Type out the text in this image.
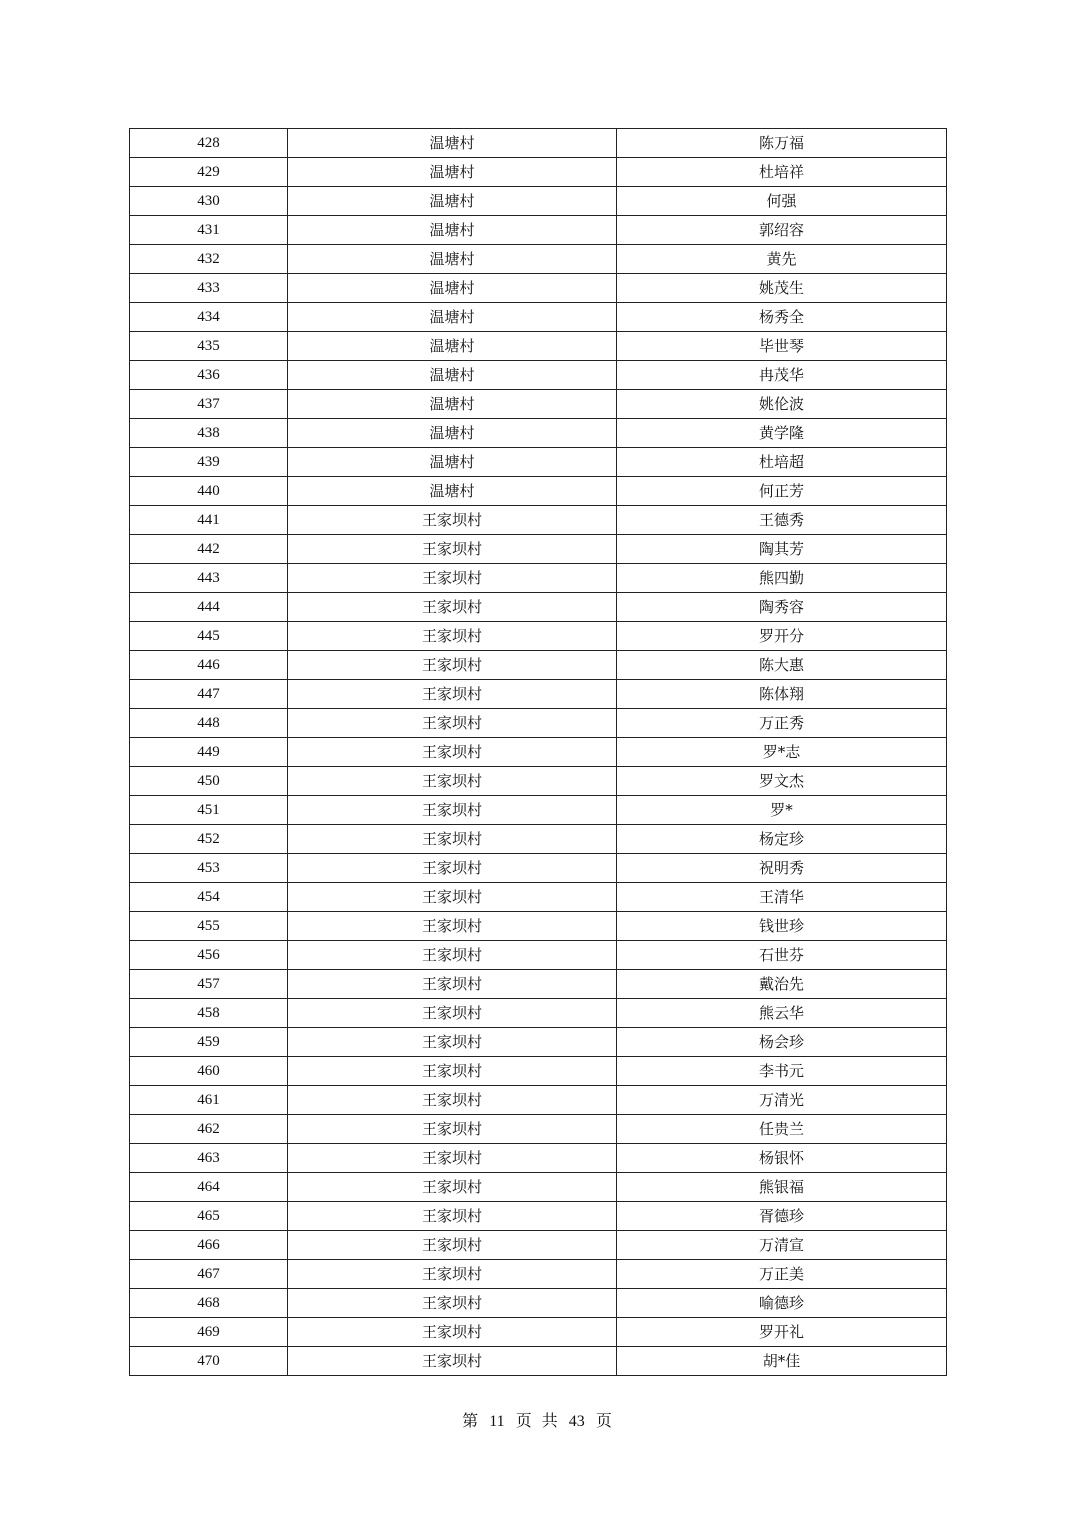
428	温塘村	陈万福
429	温塘村	杜培祥
430	温塘村	何强
431	温塘村	郭绍容
432	温塘村	黄先
433	温塘村	姚茂生
434	温塘村	杨秀全
435	温塘村	毕世琴
436	温塘村	冉茂华
437	温塘村	姚伦波
438	温塘村	黄学隆
439	温塘村	杜培超
440	温塘村	何正芳
441	王家坝村	王德秀
442	王家坝村	陶其芳
443	王家坝村	熊四勤
444	王家坝村	陶秀容
445	王家坝村	罗开分
446	王家坝村	陈大惠
447	王家坝村	陈体翔
448	王家坝村	万正秀
449	王家坝村	罗*志
450	王家坝村	罗文杰
451	王家坝村	罗*
452	王家坝村	杨定珍
453	王家坝村	祝明秀
454	王家坝村	王清华
455	王家坝村	钱世珍
456	王家坝村	石世芬
457	王家坝村	戴治先
458	王家坝村	熊云华
459	王家坝村	杨会珍
460	王家坝村	李书元
461	王家坝村	万清光
462	王家坝村	任贵兰
463	王家坝村	杨银怀
464	王家坝村	熊银福
465	王家坝村	胥德珍
466	王家坝村	万清宣
467	王家坝村	万正美
468	王家坝村	喻德珍
469	王家坝村	罗开礼
470	王家坝村	胡*佳
第 11 页 共 43 页
